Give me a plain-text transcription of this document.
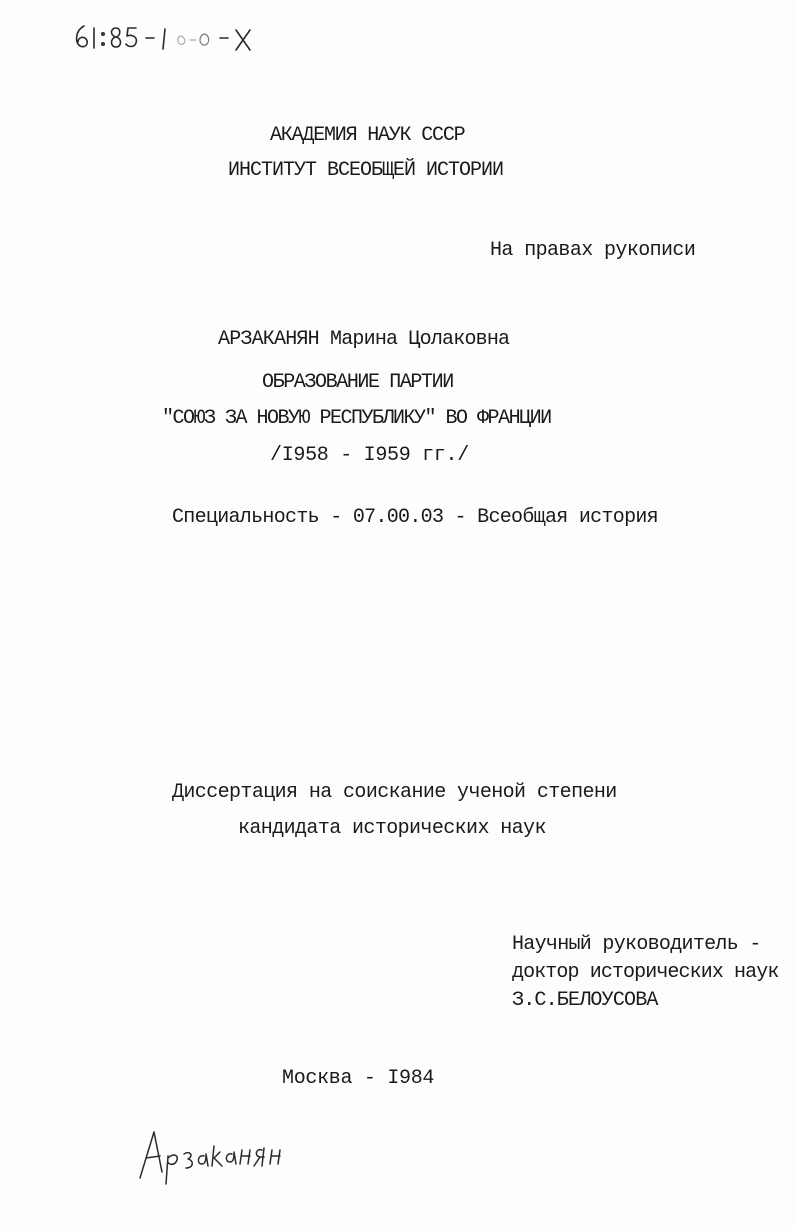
АКАДЕМИЯ НАУК СССР
ИНСТИТУТ ВСЕОБЩЕЙ ИСТОРИИ
На правах рукописи
АРЗАКАНЯН Марина Цолаковна
ОБРАЗОВАНИЕ ПАРТИИ
"СОЮЗ ЗА НОВУЮ РЕСПУБЛИКУ" ВО ФРАНЦИИ
/I958 - I959 гг./
Специальность - 07.00.03 - Всеобщая история
Диссертация на соискание ученой степени
кандидата исторических наук
Научный руководитель -
доктор исторических наук
З.С.БЕЛОУСОВА
Москва - I984
